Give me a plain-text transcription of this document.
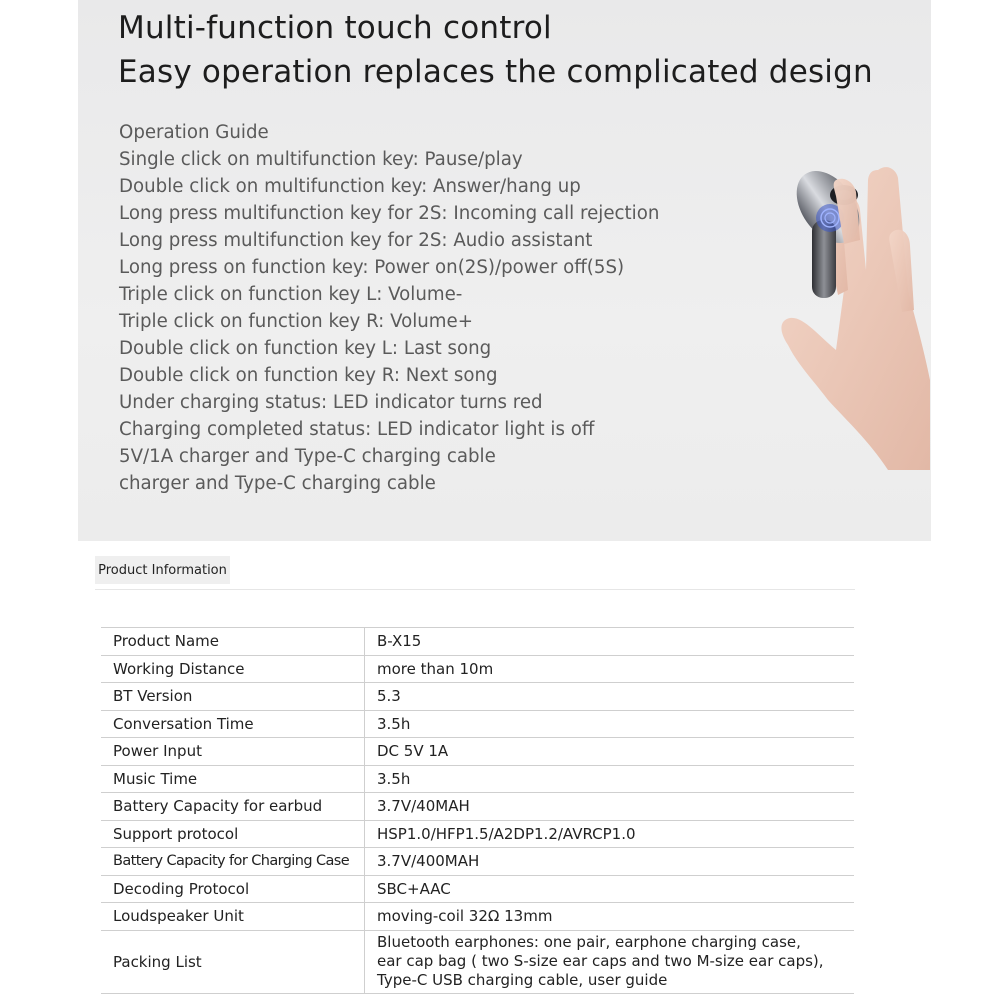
Multi-function touch control
Easy operation replaces the complicated design
Operation Guide
Single click on multifunction key: Pause/play
Double click on multifunction key: Answer/hang up
Long press multifunction key for 2S: Incoming call rejection
Long press multifunction key for 2S: Audio assistant
Long press on function key: Power on(2S)/power off(5S)
Triple click on function key L: Volume-
Triple click on function key R: Volume+
Double click on function key L: Last song
Double click on function key R: Next song
Under charging status: LED indicator turns red
Charging completed status: LED indicator light is off
5V/1A charger and Type-C charging cable
charger and Type-C charging cable
Product Information
Product Name	B-X15
Working Distance	more than 10m
BT Version	5.3
Conversation Time	3.5h
Power Input	DC 5V 1A
Music Time	3.5h
Battery Capacity for earbud	3.7V/40MAH
Support protocol	HSP1.0/HFP1.5/A2DP1.2/AVRCP1.0
Battery Capacity for Charging Case	3.7V/400MAH
Decoding Protocol	SBC+AAC
Loudspeaker Unit	moving-coil 32Ω 13mm
Packing List	Bluetooth earphones: one pair, earphone charging case,
ear cap bag ( two S-size ear caps and two M-size ear caps),
Type-C USB charging cable, user guide
